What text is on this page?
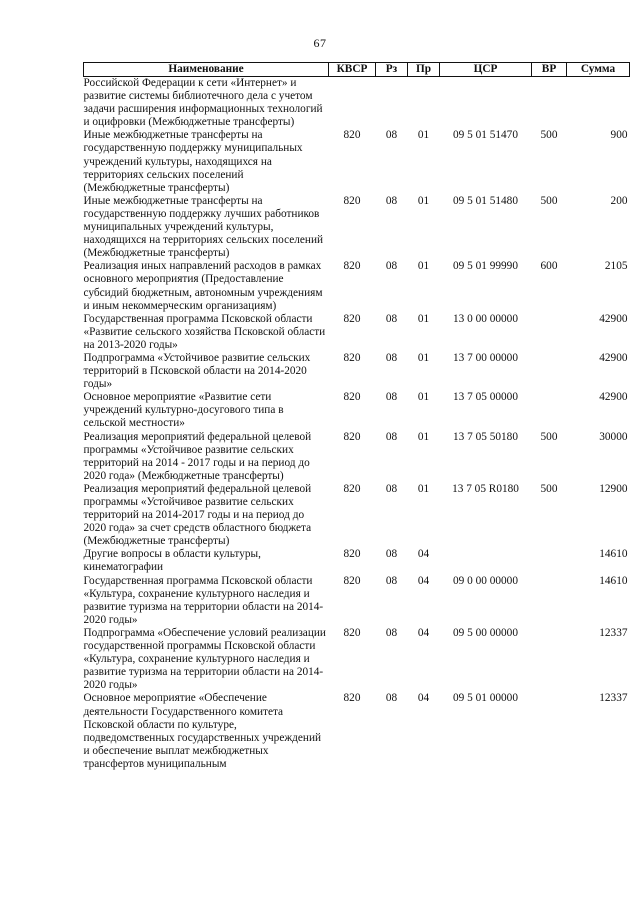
67
Наименование	КВСР	Рз	Пр	ЦСР	ВР	Сумма
Российской Федерации к сети «Интернет» и развитие системы библиотечного дела с учетом задачи расширения информационных технологий и оцифровки (Межбюджетные трансферты)						
Иные межбюджетные трансферты на государственную поддержку муниципальных учреждений культуры, находящихся на территориях сельских поселений (Межбюджетные трансферты)	820	08	01	09 5 01 51470	500	900
Иные межбюджетные трансферты на государственную поддержку лучших работников муниципальных учреждений культуры, находящихся на территориях сельских поселений (Межбюджетные трансферты)	820	08	01	09 5 01 51480	500	200
Реализация иных направлений расходов в рамках основного мероприятия (Предоставление субсидий бюджетным, автономным учреждениям и иным некоммерческим организациям)	820	08	01	09 5 01 99990	600	2105
Государственная программа Псковской области «Развитие сельского хозяйства Псковской области на 2013-2020 годы»	820	08	01	13 0 00 00000		42900
Подпрограмма «Устойчивое развитие сельских территорий в Псковской области на 2014-2020 годы»	820	08	01	13 7 00 00000		42900
Основное мероприятие «Развитие сети учреждений культурно-досугового типа в сельской местности»	820	08	01	13 7 05 00000		42900
Реализация мероприятий федеральной целевой программы «Устойчивое развитие сельских территорий на 2014 - 2017 годы и на период до 2020 года» (Межбюджетные трансферты)	820	08	01	13 7 05 50180	500	30000
Реализация мероприятий федеральной целевой программы «Устойчивое развитие сельских территорий на 2014-2017 годы и на период до 2020 года» за счет средств областного бюджета (Межбюджетные трансферты)	820	08	01	13 7 05 R0180	500	12900
Другие вопросы в области культуры, кинематографии	820	08	04			14610
Государственная программа Псковской области «Культура, сохранение культурного наследия и развитие туризма на территории области на 2014-2020 годы»	820	08	04	09 0 00 00000		14610
Подпрограмма «Обеспечение условий реализации государственной программы Псковской области «Культура, сохранение культурного наследия и развитие туризма на территории области на 2014-2020 годы»	820	08	04	09 5 00 00000		12337
Основное мероприятие «Обеспечение деятельности Государственного комитета Псковской области по культуре, подведомственных государственных учреждений и обеспечение выплат межбюджетных трансфертов муниципальным	820	08	04	09 5 01 00000		12337
